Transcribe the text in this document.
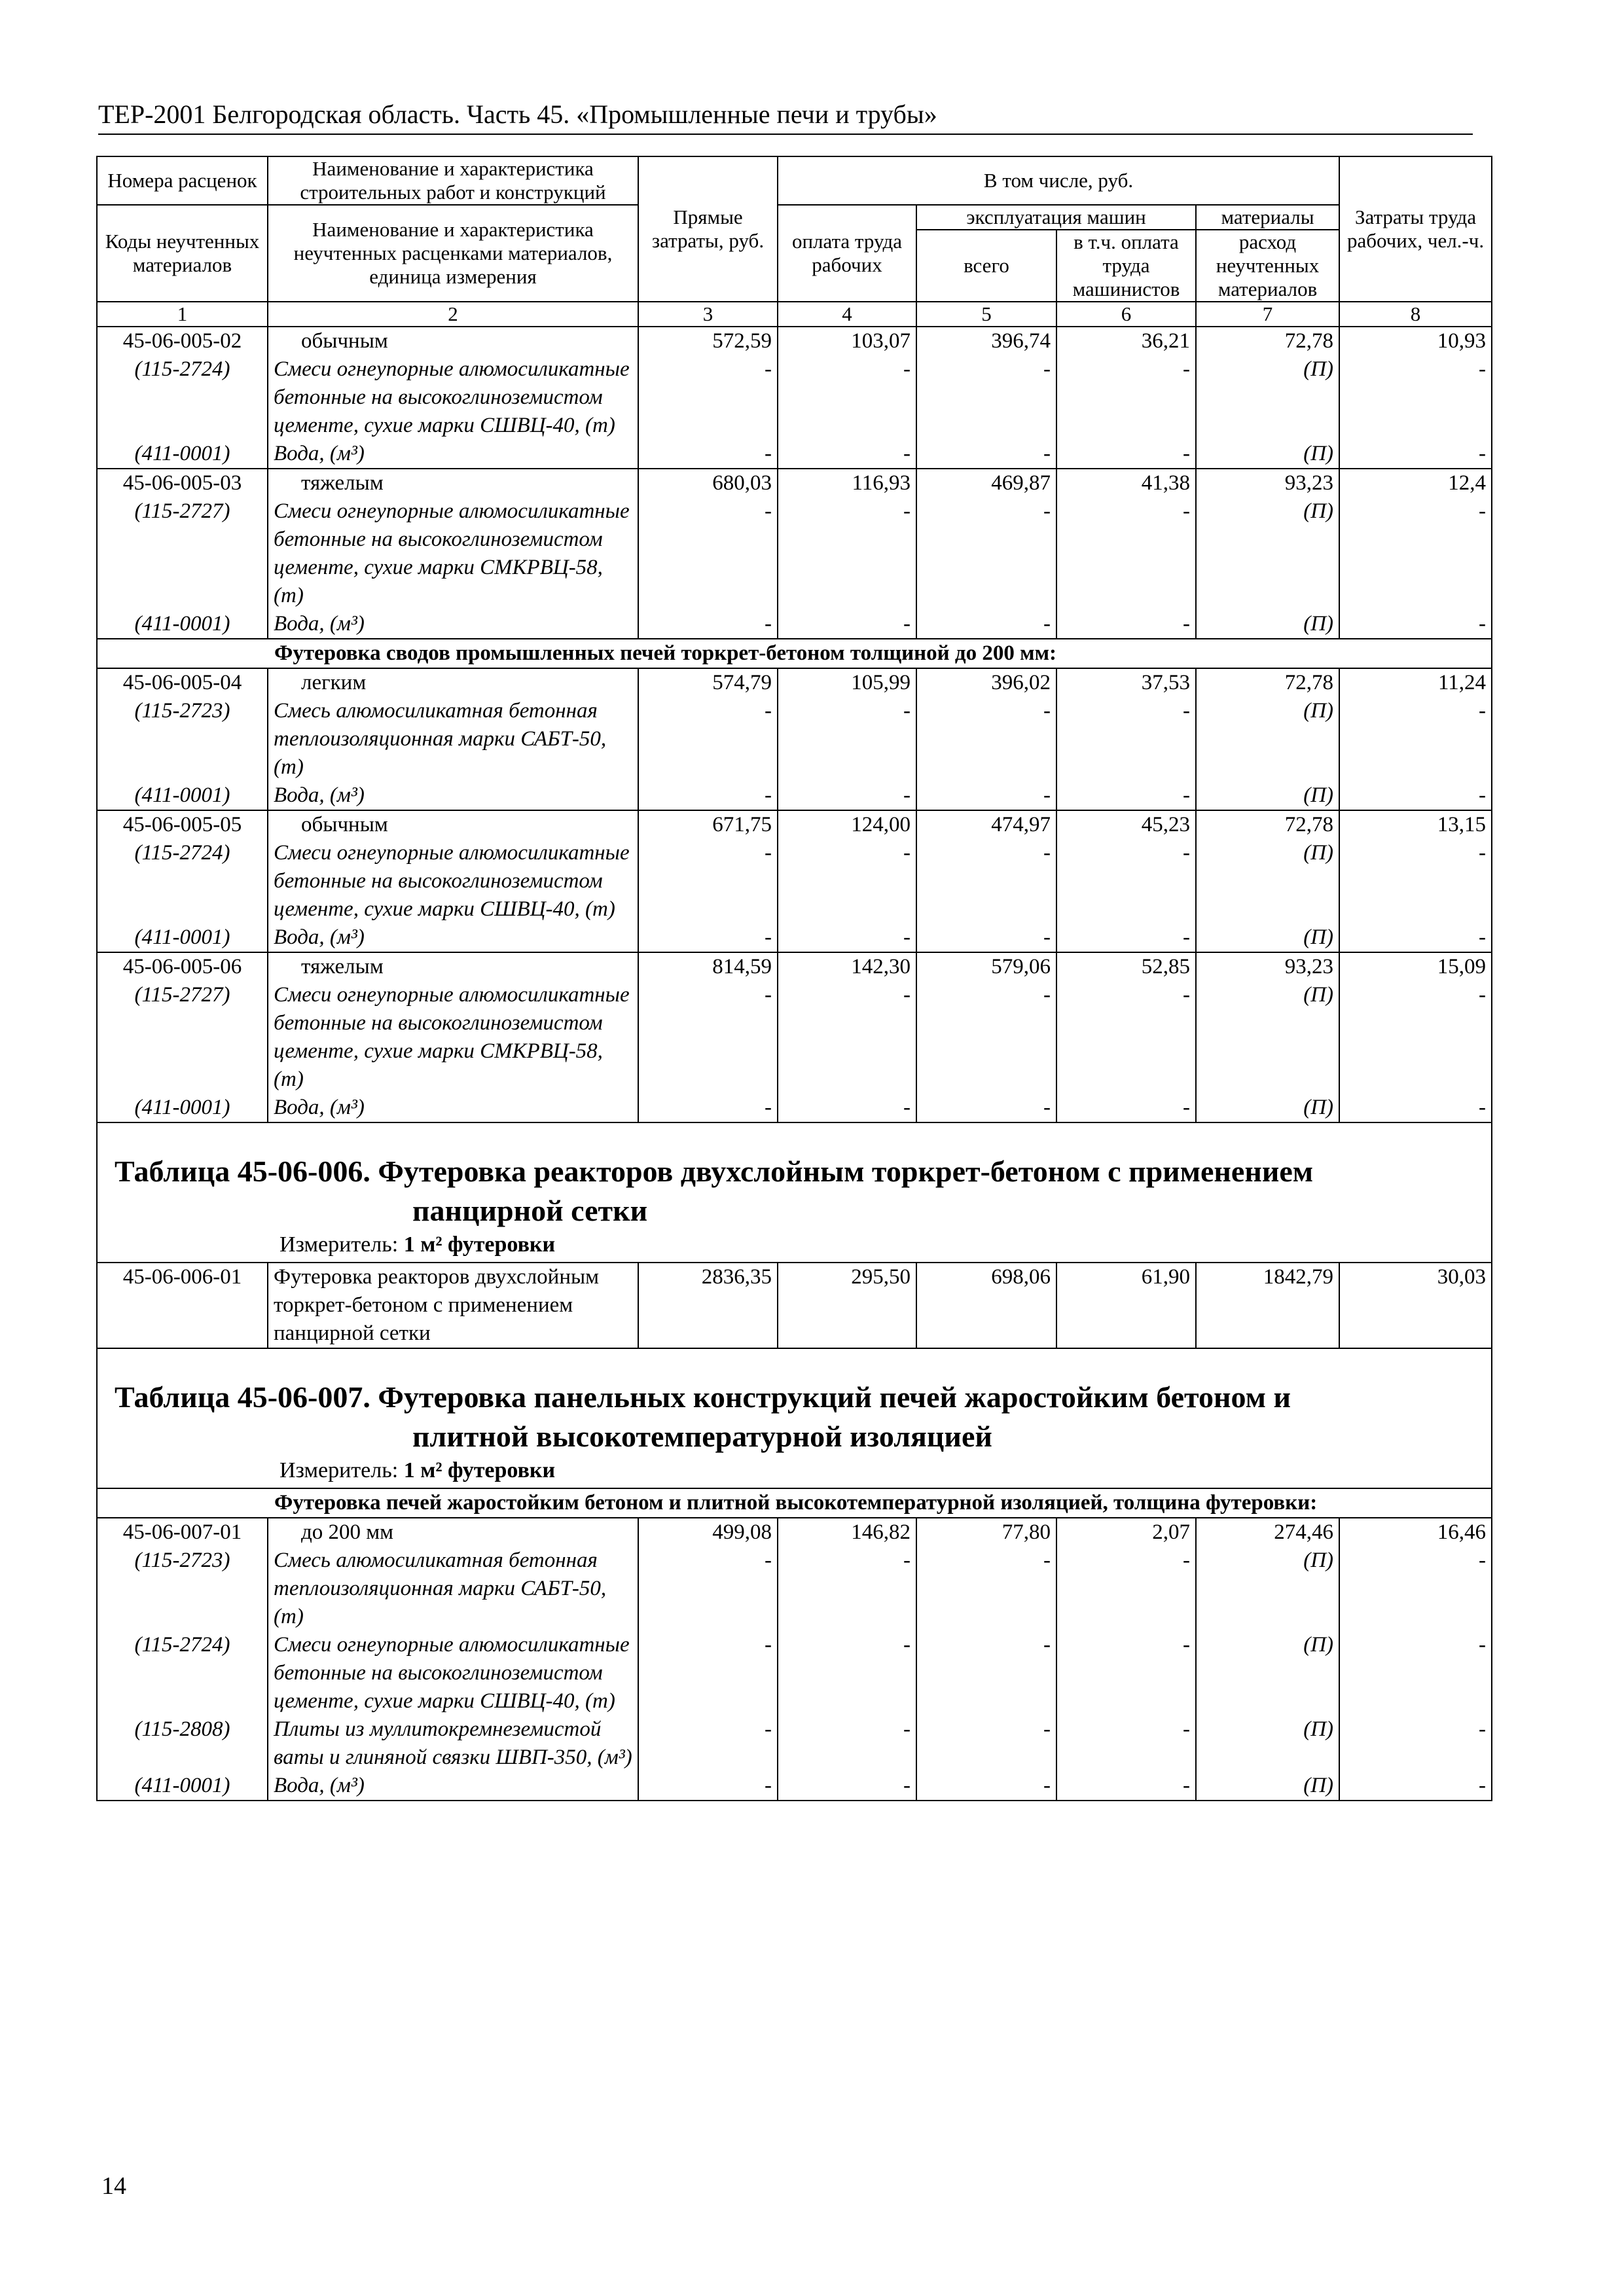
ТЕР-2001 Белгородская область. Часть 45. «Промышленные печи и трубы»
Номера расценок	Наименование и характеристика строительных работ и конструкций	Прямые затраты, руб.	В том числе, руб.				Затраты труда рабочих, чел.-ч.
Коды неучтенных материалов	Наименование и характеристика неучтенных расценками материалов, единица измерения		оплата труда рабочих	эксплуатация машин		материалы	
				всего	в т.ч. оплата труда машинистов	расход неучтенных материалов	
1	2	3	4	5	6	7	8
45-06-005-02	обычным	572,59	103,07	396,74	36,21	72,78	10,93
(115-2724)	Смеси огнеупорные алюмосиликатные бетонные на высокоглиноземистом цементе, сухие марки СШВЦ-40, (т)	-	-	-	-	(П)	-
(411-0001)	Вода, (м³)	-	-	-	-	(П)	-
45-06-005-03	тяжелым	680,03	116,93	469,87	41,38	93,23	12,4
(115-2727)	Смеси огнеупорные алюмосиликатные бетонные на высокоглиноземистом цементе, сухие марки СМКРВЦ-58, (т)	-	-	-	-	(П)	-
(411-0001)	Вода, (м³)	-	-	-	-	(П)	-
Футеровка сводов промышленных печей торкрет-бетоном толщиной до 200 мм:							
45-06-005-04	легким	574,79	105,99	396,02	37,53	72,78	11,24
(115-2723)	Смесь алюмосиликатная бетонная теплоизоляционная марки САБТ-50, (т)	-	-	-	-	(П)	-
(411-0001)	Вода, (м³)	-	-	-	-	(П)	-
45-06-005-05	обычным	671,75	124,00	474,97	45,23	72,78	13,15
(115-2724)	Смеси огнеупорные алюмосиликатные бетонные на высокоглиноземистом цементе, сухие марки СШВЦ-40, (т)	-	-	-	-	(П)	-
(411-0001)	Вода, (м³)	-	-	-	-	(П)	-
45-06-005-06	тяжелым	814,59	142,30	579,06	52,85	93,23	15,09
(115-2727)	Смеси огнеупорные алюмосиликатные бетонные на высокоглиноземистом цементе, сухие марки СМКРВЦ-58, (т)	-	-	-	-	(П)	-
(411-0001)	Вода, (м³)	-	-	-	-	(П)	-

Таблица 45-06-006. Футеровка реакторов двухслойным торкрет-бетоном с применением
панцирной сетки
Измеритель: 1 м² футеровки							

45-06-006-01	Футеровка реакторов двухслойным торкрет-бетоном с применением панцирной сетки	2836,35	295,50	698,06	61,90	1842,79	30,03

Таблица 45-06-007. Футеровка панельных конструкций печей жаростойким бетоном и
плитной высокотемпературной изоляцией
Измеритель: 1 м² футеровки							

Футеровка печей жаростойким бетоном и плитной высокотемпературной изоляцией, толщина футеровки:							
45-06-007-01	до 200 мм	499,08	146,82	77,80	2,07	274,46	16,46
(115-2723)	Смесь алюмосиликатная бетонная теплоизоляционная марки САБТ-50, (т)	-	-	-	-	(П)	-
(115-2724)	Смеси огнеупорные алюмосиликатные бетонные на высокоглиноземистом цементе, сухие марки СШВЦ-40, (т)	-	-	-	-	(П)	-
(115-2808)	Плиты из муллитокремнеземистой ваты и глиняной связки ШВП-350, (м³)	-	-	-	-	(П)	-
(411-0001)	Вода, (м³)	-	-	-	-	(П)	-
14
